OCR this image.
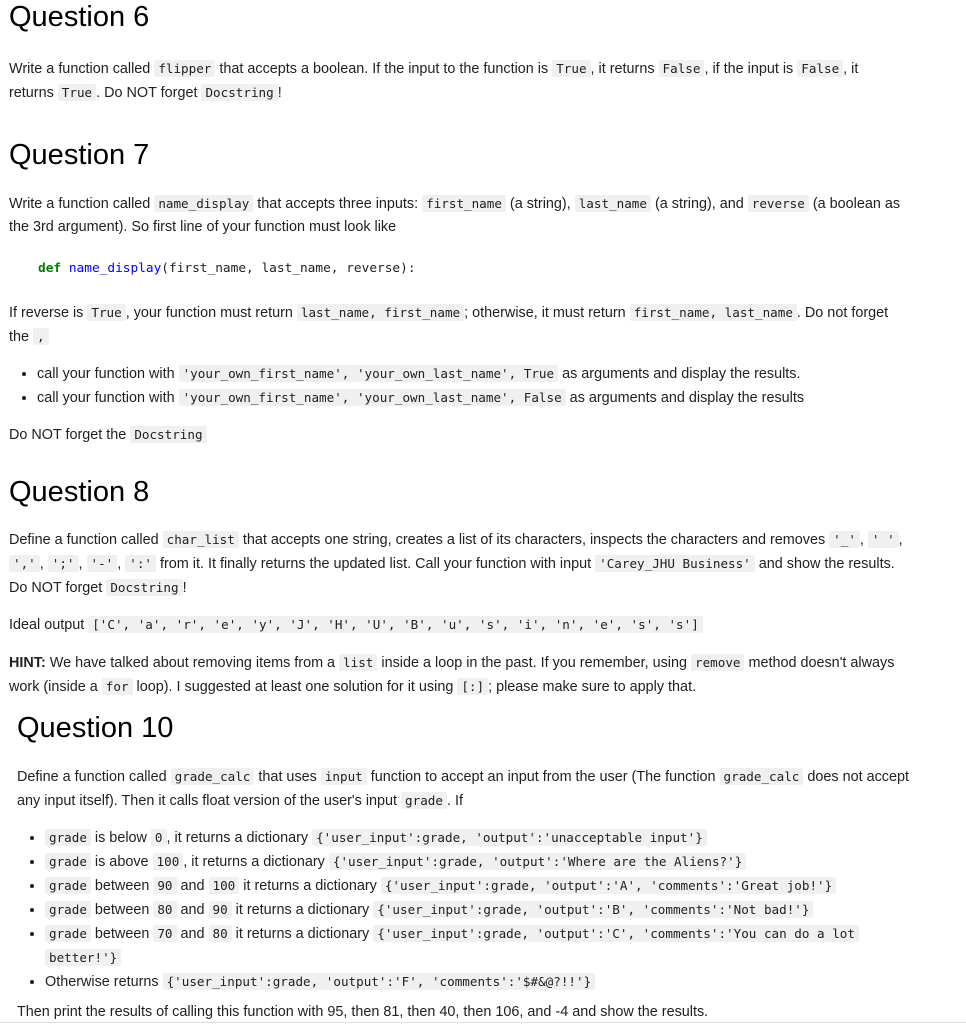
Question 6

Write a function called flipper that accepts a boolean. If the input to the function is True , it returns False , if the input is False , it
returns True . Do NOT forget Docstring !

Question 7

Write a function called name_display that accepts three inputs: first_name (a string), last_name (a string), and reverse (a boolean as
the 3rd argument). So first line of your function must look like

def name_display(first_name, last_name, reverse):

If reverse is True , your function must return last_name, first_name ; otherwise, it must return first_name, last_name . Do not forget
the ,

• call your function with 'your_own_first_name', 'your_own_last_name', True as arguments and display the results.
• call your function with 'your_own_first_name', 'your_own_last_name', False as arguments and display the results

Do NOT forget the Docstring

Question 8

Define a function called char_list that accepts one string, creates a list of its characters, inspects the characters and removes '_' , ' ' ,
',' , ';' , '-' , ':' from it. It finally returns the updated list. Call your function with input 'Carey_JHU Business' and show the results.
Do NOT forget Docstring !

Ideal output ['C', 'a', 'r', 'e', 'y', 'J', 'H', 'U', 'B', 'u', 's', 'i', 'n', 'e', 's', 's']

HINT: We have talked about removing items from a list inside a loop in the past. If you remember, using remove method doesn't always
work (inside a for loop). I suggested at least one solution for it using [:] ; please make sure to apply that.

Question 10

Define a function called grade_calc that uses input function to accept an input from the user (The function grade_calc does not accept
any input itself). Then it calls float version of the user's input grade . If

• grade is below 0 , it returns a dictionary {'user_input':grade, 'output':'unacceptable input'}
• grade is above 100 , it returns a dictionary {'user_input':grade, 'output':'Where are the Aliens?'}
• grade between 90 and 100 it returns a dictionary {'user_input':grade, 'output':'A', 'comments':'Great job!'}
• grade between 80 and 90 it returns a dictionary {'user_input':grade, 'output':'B', 'comments':'Not bad!'}
• grade between 70 and 80 it returns a dictionary {'user_input':grade, 'output':'C', 'comments':'You can do a lot
better!'}
• Otherwise returns {'user_input':grade, 'output':'F', 'comments':'$#&@?!!'}

Then print the results of calling this function with 95, then 81, then 40, then 106, and -4 and show the results.
